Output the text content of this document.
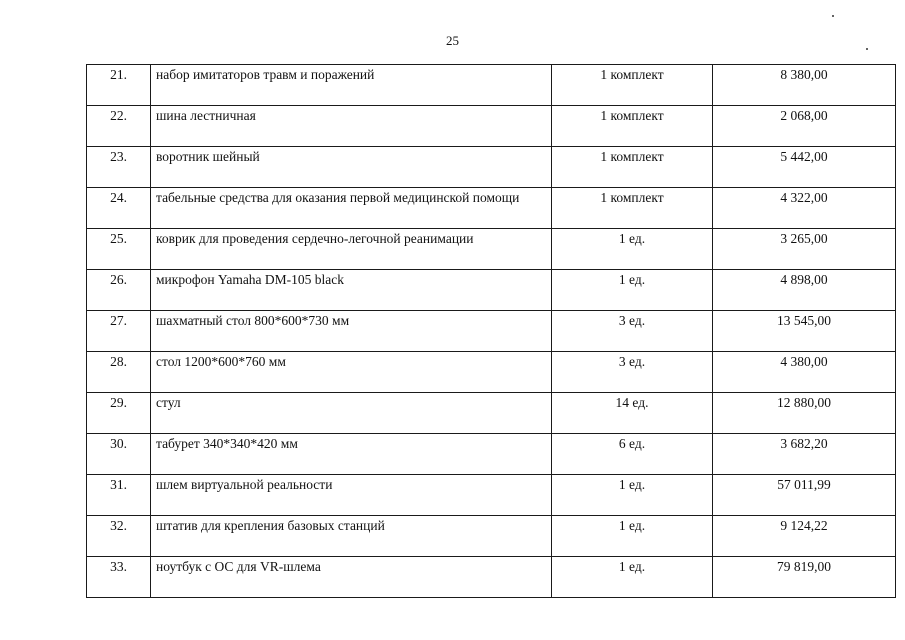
25
21.	набор имитаторов травм и поражений	1 комплект	8 380,00
22.	шина лестничная	1 комплект	2 068,00
23.	воротник шейный	1 комплект	5 442,00
24.	табельные средства для оказания первой медицинской помощи	1 комплект	4 322,00
25.	коврик для проведения сердечно-легочной реанимации	1 ед.	3 265,00
26.	микрофон Yamaha DM-105 black	1 ед.	4 898,00
27.	шахматный стол 800*600*730 мм	3 ед.	13 545,00
28.	стол 1200*600*760 мм	3 ед.	4 380,00
29.	стул	14 ед.	12 880,00
30.	табурет 340*340*420 мм	6 ед.	3 682,20
31.	шлем виртуальной реальности	1 ед.	57 011,99
32.	штатив для крепления базовых станций	1 ед.	9 124,22
33.	ноутбук с ОС для VR-шлема	1 ед.	79 819,00
